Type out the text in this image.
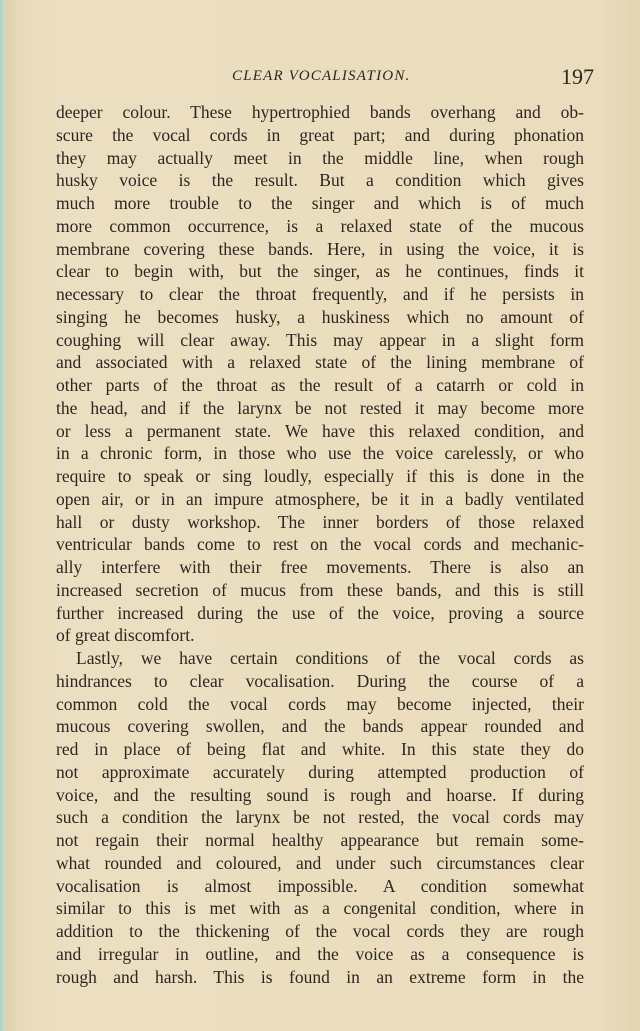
CLEAR VOCALISATION.	197
deeper colour. These hypertrophied bands overhang and ob-
scure the vocal cords in great part; and during phonation
they may actually meet in the middle line, when rough
husky voice is the result. But a condition which gives
much more trouble to the singer and which is of much
more common occurrence, is a relaxed state of the mucous
membrane covering these bands. Here, in using the voice, it is
clear to begin with, but the singer, as he continues, finds it
necessary to clear the throat frequently, and if he persists in
singing he becomes husky, a huskiness which no amount of
coughing will clear away. This may appear in a slight form
and associated with a relaxed state of the lining membrane of
other parts of the throat as the result of a catarrh or cold in
the head, and if the larynx be not rested it may become more
or less a permanent state. We have this relaxed condition, and
in a chronic form, in those who use the voice carelessly, or who
require to speak or sing loudly, especially if this is done in the
open air, or in an impure atmosphere, be it in a badly ventilated
hall or dusty workshop. The inner borders of those relaxed
ventricular bands come to rest on the vocal cords and mechanic-
ally interfere with their free movements. There is also an
increased secretion of mucus from these bands, and this is still
further increased during the use of the voice, proving a source
of great discomfort.
Lastly, we have certain conditions of the vocal cords as
hindrances to clear vocalisation. During the course of a
common cold the vocal cords may become injected, their
mucous covering swollen, and the bands appear rounded and
red in place of being flat and white. In this state they do
not approximate accurately during attempted production of
voice, and the resulting sound is rough and hoarse. If during
such a condition the larynx be not rested, the vocal cords may
not regain their normal healthy appearance but remain some-
what rounded and coloured, and under such circumstances clear
vocalisation is almost impossible. A condition somewhat
similar to this is met with as a congenital condition, where in
addition to the thickening of the vocal cords they are rough
and irregular in outline, and the voice as a consequence is
rough and harsh. This is found in an extreme form in the
